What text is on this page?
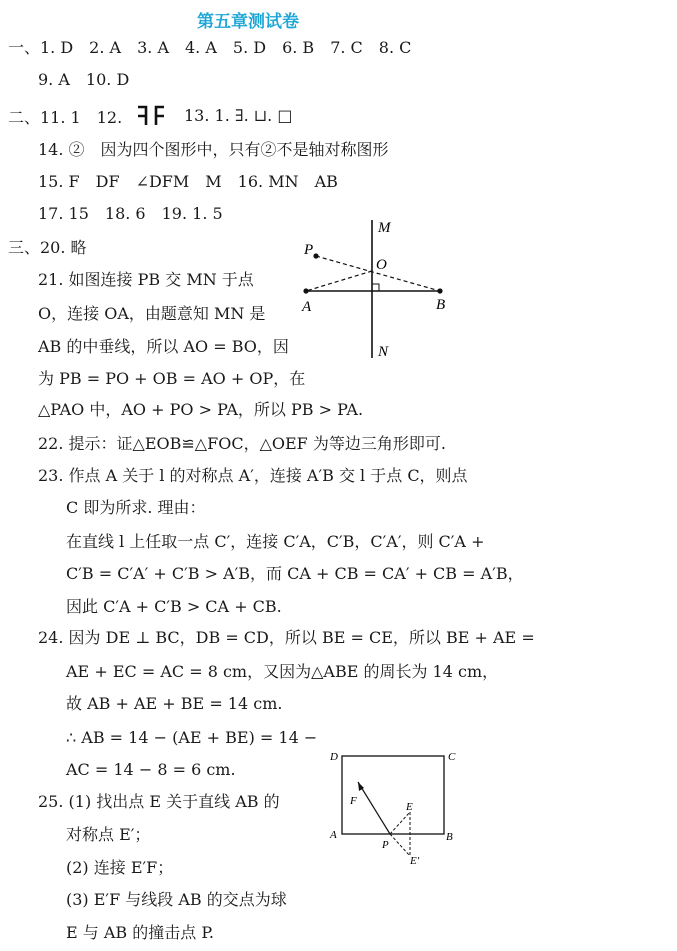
第五章测试卷
一、1. D　2. A　3. A　4. A　5. D　6. B　7. C　8. C
9. A　10. D
二、11. 1　12.
14. ②　因为四个图形中，只有②不是轴对称图形
15. F　DF　∠DFM　M　16. MN　AB
17. 15　18. 6　19. 1. 5
三、20. 略
21. 如图连接 PB 交 MN 于点
O，连接 OA，由题意知 MN 是
AB 的中垂线，所以 AO = BO，因
为 PB = PO + OB = AO + OP，在
△PAO 中，AO + PO > PA，所以 PB > PA.
22. 提示：证△EOB≌△FOC，△OEF 为等边三角形即可.
23. 作点 A 关于 l 的对称点 A′，连接 A′B 交 l 于点 C，则点
C 即为所求. 理由：
在直线 l 上任取一点 C′，连接 C′A，C′B，C′A′，则 C′A +
C′B = C′A′ + C′B > A′B，而 CA + CB = CA′ + CB = A′B，
因此 C′A + C′B > CA + CB.
24. 因为 DE ⊥ BC，DB = CD，所以 BE = CE，所以 BE + AE =
AE + EC = AC = 8 cm，又因为△ABE 的周长为 14 cm，
故 AB + AE + BE = 14 cm.
∴ AB = 14 − (AE + BE) = 14 −
AC = 14 − 8 = 6 cm.
25. (1) 找出点 E 关于直线 AB 的
对称点 E′；
(2) 连接 E′F；
(3) E′F 与线段 AB 的交点为球
E 与 AB 的撞击点 P.
13. 1. ∃. ⊔. □
M
P
O
A	B
N
D	C
F	E
A	B
P
E′
